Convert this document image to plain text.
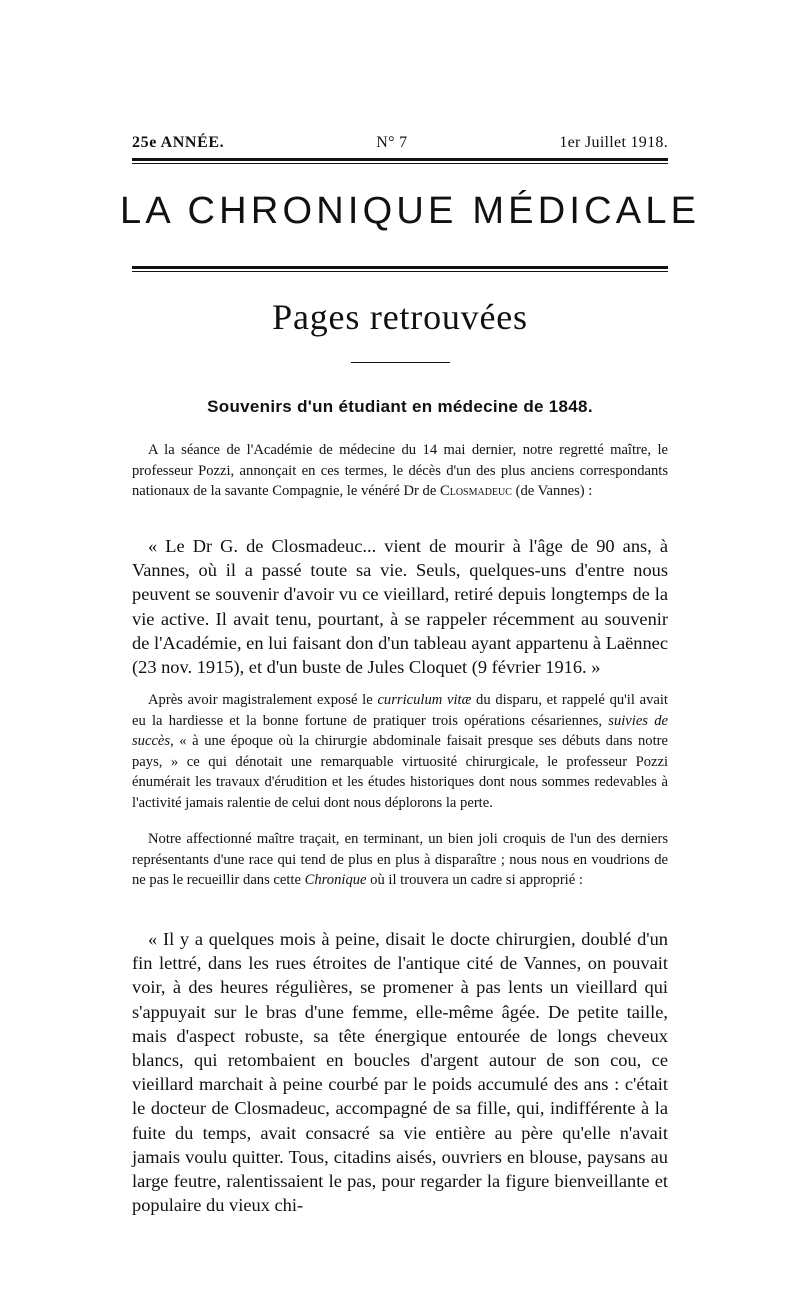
25e ANNÉE.	N° 7	1er Juillet 1918.
LA CHRONIQUE MÉDICALE
Pages retrouvées
Souvenirs d'un étudiant en médecine de 1848.

A la séance de l'Académie de médecine du 14 mai dernier, notre regretté maître, le professeur Pozzi, annonçait en ces termes, le décès d'un des plus anciens correspondants nationaux de la savante Compagnie, le vénéré Dr de Closmadeuc (de Vannes) :

« Le Dr G. de Closmadeuc... vient de mourir à l'âge de 90 ans, à Vannes, où il a passé toute sa vie. Seuls, quelques-uns d'entre nous peuvent se souvenir d'avoir vu ce vieillard, retiré depuis longtemps de la vie active. Il avait tenu, pourtant, à se rappeler récemment au souvenir de l'Académie, en lui faisant don d'un tableau ayant appartenu à Laënnec (23 nov. 1915), et d'un buste de Jules Cloquet (9 février 1916. »

Après avoir magistralement exposé le curriculum vitæ du disparu, et rappelé qu'il avait eu la hardiesse et la bonne fortune de pratiquer trois opérations césariennes, suivies de succès, « à une époque où la chirurgie abdominale faisait presque ses débuts dans notre pays, » ce qui dénotait une remarquable virtuosité chirurgicale, le professeur Pozzi énumérait les travaux d'érudition et les études historiques dont nous sommes redevables à l'activité jamais ralentie de celui dont nous déplorons la perte.

Notre affectionné maître traçait, en terminant, un bien joli croquis de l'un des derniers représentants d'une race qui tend de plus en plus à disparaître ; nous nous en voudrions de ne pas le recueillir dans cette Chronique où il trouvera un cadre si approprié :

« Il y a quelques mois à peine, disait le docte chirurgien, doublé d'un fin lettré, dans les rues étroites de l'antique cité de Vannes, on pouvait voir, à des heures régulières, se promener à pas lents un vieillard qui s'appuyait sur le bras d'une femme, elle-même âgée. De petite taille, mais d'aspect robuste, sa tête énergique entourée de longs cheveux blancs, qui retombaient en boucles d'argent autour de son cou, ce vieillard marchait à peine courbé par le poids accumulé des ans : c'était le docteur de Closmadeuc, accompagné de sa fille, qui, indifférente à la fuite du temps, avait consacré sa vie entière au père qu'elle n'avait jamais voulu quitter. Tous, citadins aisés, ouvriers en blouse, paysans au large feutre, ralentissaient le pas, pour regarder la figure bienveillante et populaire du vieux chi-
